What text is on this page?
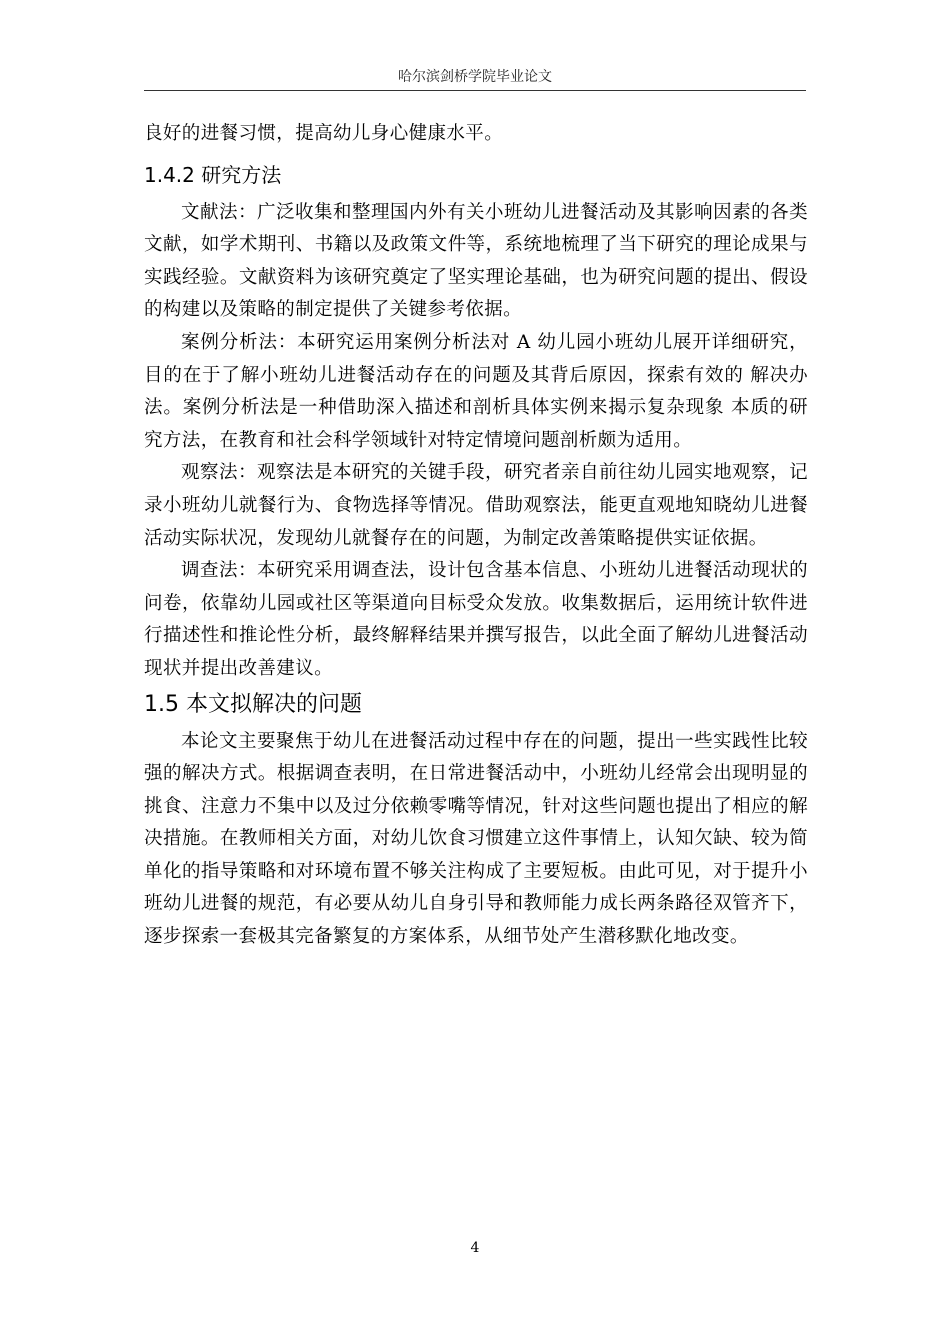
哈尔滨剑桥学院毕业论文

良好的进餐习惯，提高幼儿身心健康水平。

1.4.2 研究方法

文献法：广泛收集和整理国内外有关小班幼儿进餐活动及其影响因素的各类文献，如学术期刊、书籍以及政策文件等，系统地梳理了当下研究的理论成果与实践经验。文献资料为该研究奠定了坚实理论基础，也为研究问题的提出、假设的构建以及策略的制定提供了关键参考依据。

案例分析法：本研究运用案例分析法对 A 幼儿园小班幼儿展开详细研究， 目的在于了解小班幼儿进餐活动存在的问题及其背后原因，探索有效的 解决办法。案例分析法是一种借助深入描述和剖析具体实例来揭示复杂现象 本质的研究方法，在教育和社会科学领域针对特定情境问题剖析颇为适用。

观察法：观察法是本研究的关键手段，研究者亲自前往幼儿园实地观察，记录小班幼儿就餐行为、食物选择等情况。借助观察法，能更直观地知晓幼儿进餐活动实际状况，发现幼儿就餐存在的问题，为制定改善策略提供实证依据。

调查法：本研究采用调查法，设计包含基本信息、小班幼儿进餐活动现状的问卷，依靠幼儿园或社区等渠道向目标受众发放。收集数据后，运用统计软件进行描述性和推论性分析，最终解释结果并撰写报告，以此全面了解幼儿进餐活动现状并提出改善建议。

1.5 本文拟解决的问题

本论文主要聚焦于幼儿在进餐活动过程中存在的问题，提出一些实践性比较强的解决方式。根据调查表明，在日常进餐活动中，小班幼儿经常会出现明显的挑食、注意力不集中以及过分依赖零嘴等情况，针对这些问题也提出了相应的解决措施。在教师相关方面，对幼儿饮食习惯建立这件事情上，认知欠缺、较为简单化的指导策略和对环境布置不够关注构成了主要短板。由此可见，对于提升小班幼儿进餐的规范，有必要从幼儿自身引导和教师能力成长两条路径双管齐下，逐步探索一套极其完备繁复的方案体系，从细节处产生潜移默化地改变。

4
